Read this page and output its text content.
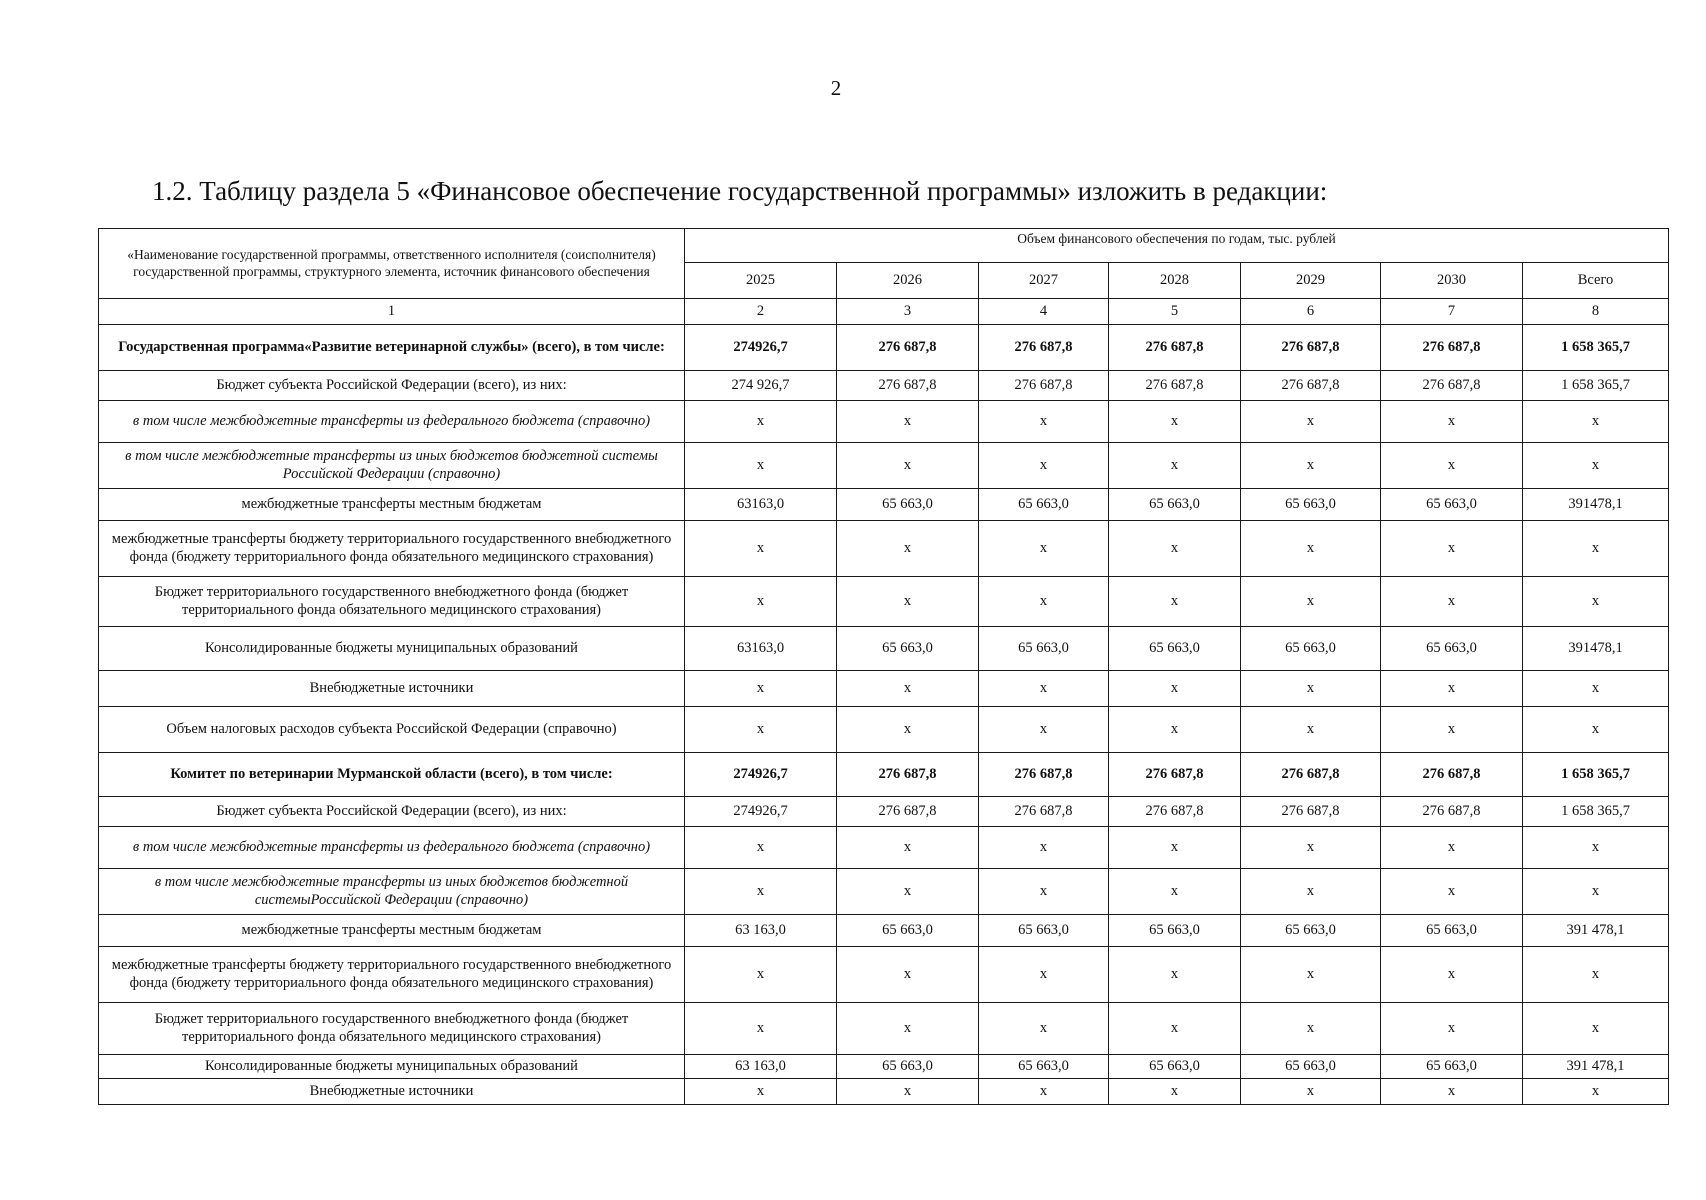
2
1.2. Таблицу раздела 5 «Финансовое обеспечение государственной программы» изложить в редакции:
«Наименование государственной программы, ответственного исполнителя (соисполнителя) государственной программы, структурного элемента, источник финансового обеспечения	Объем финансового обеспечения по годам, тыс. рублей						
	2025	2026	2027	2028	2029	2030	Всего
1	2	3	4	5	6	7	8
Государственная программа«Развитие ветеринарной службы» (всего), в том числе:	274926,7	276 687,8	276 687,8	276 687,8	276 687,8	276 687,8	1 658 365,7
Бюджет субъекта Российской Федерации (всего), из них:	274 926,7	276 687,8	276 687,8	276 687,8	276 687,8	276 687,8	1 658 365,7
в том числе межбюджетные трансферты из федерального бюджета (справочно)	x	x	x	x	x	x	x
в том числе межбюджетные трансферты из иных бюджетов бюджетной системы Российской Федерации (справочно)	x	x	x	x	x	x	x
межбюджетные трансферты местным бюджетам	63163,0	65 663,0	65 663,0	65 663,0	65 663,0	65 663,0	391478,1
межбюджетные трансферты бюджету территориального государственного внебюджетного фонда (бюджету территориального фонда обязательного медицинского страхования)	x	x	x	x	x	x	x
Бюджет территориального государственного внебюджетного фонда (бюджет территориального фонда обязательного медицинского страхования)	x	x	x	x	x	x	x
Консолидированные бюджеты муниципальных образований	63163,0	65 663,0	65 663,0	65 663,0	65 663,0	65 663,0	391478,1
Внебюджетные источники	x	x	x	x	x	x	x
Объем налоговых расходов субъекта Российской Федерации (справочно)	x	x	x	x	x	x	x
Комитет по ветеринарии Мурманской области (всего), в том числе:	274926,7	276 687,8	276 687,8	276 687,8	276 687,8	276 687,8	1 658 365,7
Бюджет субъекта Российской Федерации (всего), из них:	274926,7	276 687,8	276 687,8	276 687,8	276 687,8	276 687,8	1 658 365,7
в том числе межбюджетные трансферты из федерального бюджета (справочно)	x	x	x	x	x	x	x
в том числе межбюджетные трансферты из иных бюджетов бюджетной системыРоссийской Федерации (справочно)	x	x	x	x	x	x	x
межбюджетные трансферты местным бюджетам	63 163,0	65 663,0	65 663,0	65 663,0	65 663,0	65 663,0	391 478,1
межбюджетные трансферты бюджету территориального государственного внебюджетного фонда (бюджету территориального фонда обязательного медицинского страхования)	x	x	x	x	x	x	x
Бюджет территориального государственного внебюджетного фонда (бюджет территориального фонда обязательного медицинского страхования)	x	x	x	x	x	x	x
Консолидированные бюджеты муниципальных образований	63 163,0	65 663,0	65 663,0	65 663,0	65 663,0	65 663,0	391 478,1
Внебюджетные источники	x	x	x	x	x	x	x
